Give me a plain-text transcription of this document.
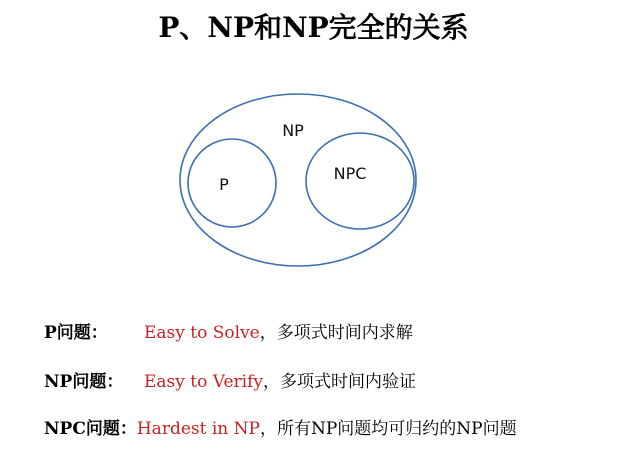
P、NP和NP完全的关系
NP
P
NPC
P问题： Easy to Solve，多项式时间内求解
NP问题： Easy to Verify，多项式时间内验证
NPC问题：Hardest in NP，所有NP问题均可归约的NP问题
